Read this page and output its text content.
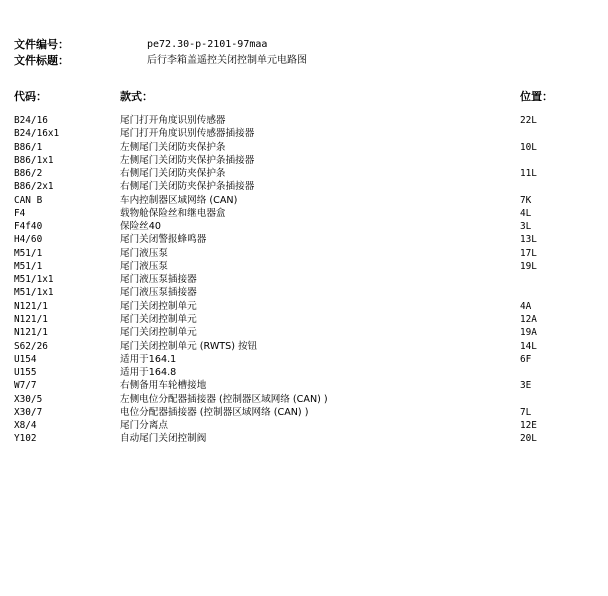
文件编号：	pe72.30-p-2101-97maa
文件标题：	后行李箱盖遥控关闭控制单元电路图
代码：	款式：	位置：
B24/16	尾门打开角度识别传感器	22L
B24/16x1	尾门打开角度识别传感器插接器
B86/1	左侧尾门关闭防夹保护条	10L
B86/1x1	左侧尾门关闭防夹保护条插接器
B86/2	右侧尾门关闭防夹保护条	11L
B86/2x1	右侧尾门关闭防夹保护条插接器
CAN B	车内控制器区域网络 (CAN)	7K
F4	载物舱保险丝和继电器盒	4L
F4f40	保险丝40	3L
H4/60	尾门关闭警报蜂鸣器	13L
M51/1	尾门液压泵	17L
M51/1	尾门液压泵	19L
M51/1x1	尾门液压泵插接器
M51/1x1	尾门液压泵插接器
N121/1	尾门关闭控制单元	4A
N121/1	尾门关闭控制单元	12A
N121/1	尾门关闭控制单元	19A
S62/26	尾门关闭控制单元 (RWTS) 按钮	14L
U154	适用于164.1	6F
U155	适用于164.8
W7/7	右侧备用车轮槽接地	3E
X30/5	左侧电位分配器插接器 (控制器区域网络 (CAN) )
X30/7	电位分配器插接器 (控制器区域网络 (CAN) )	7L
X8/4	尾门分离点	12E
Y102	自动尾门关闭控制阀	20L
